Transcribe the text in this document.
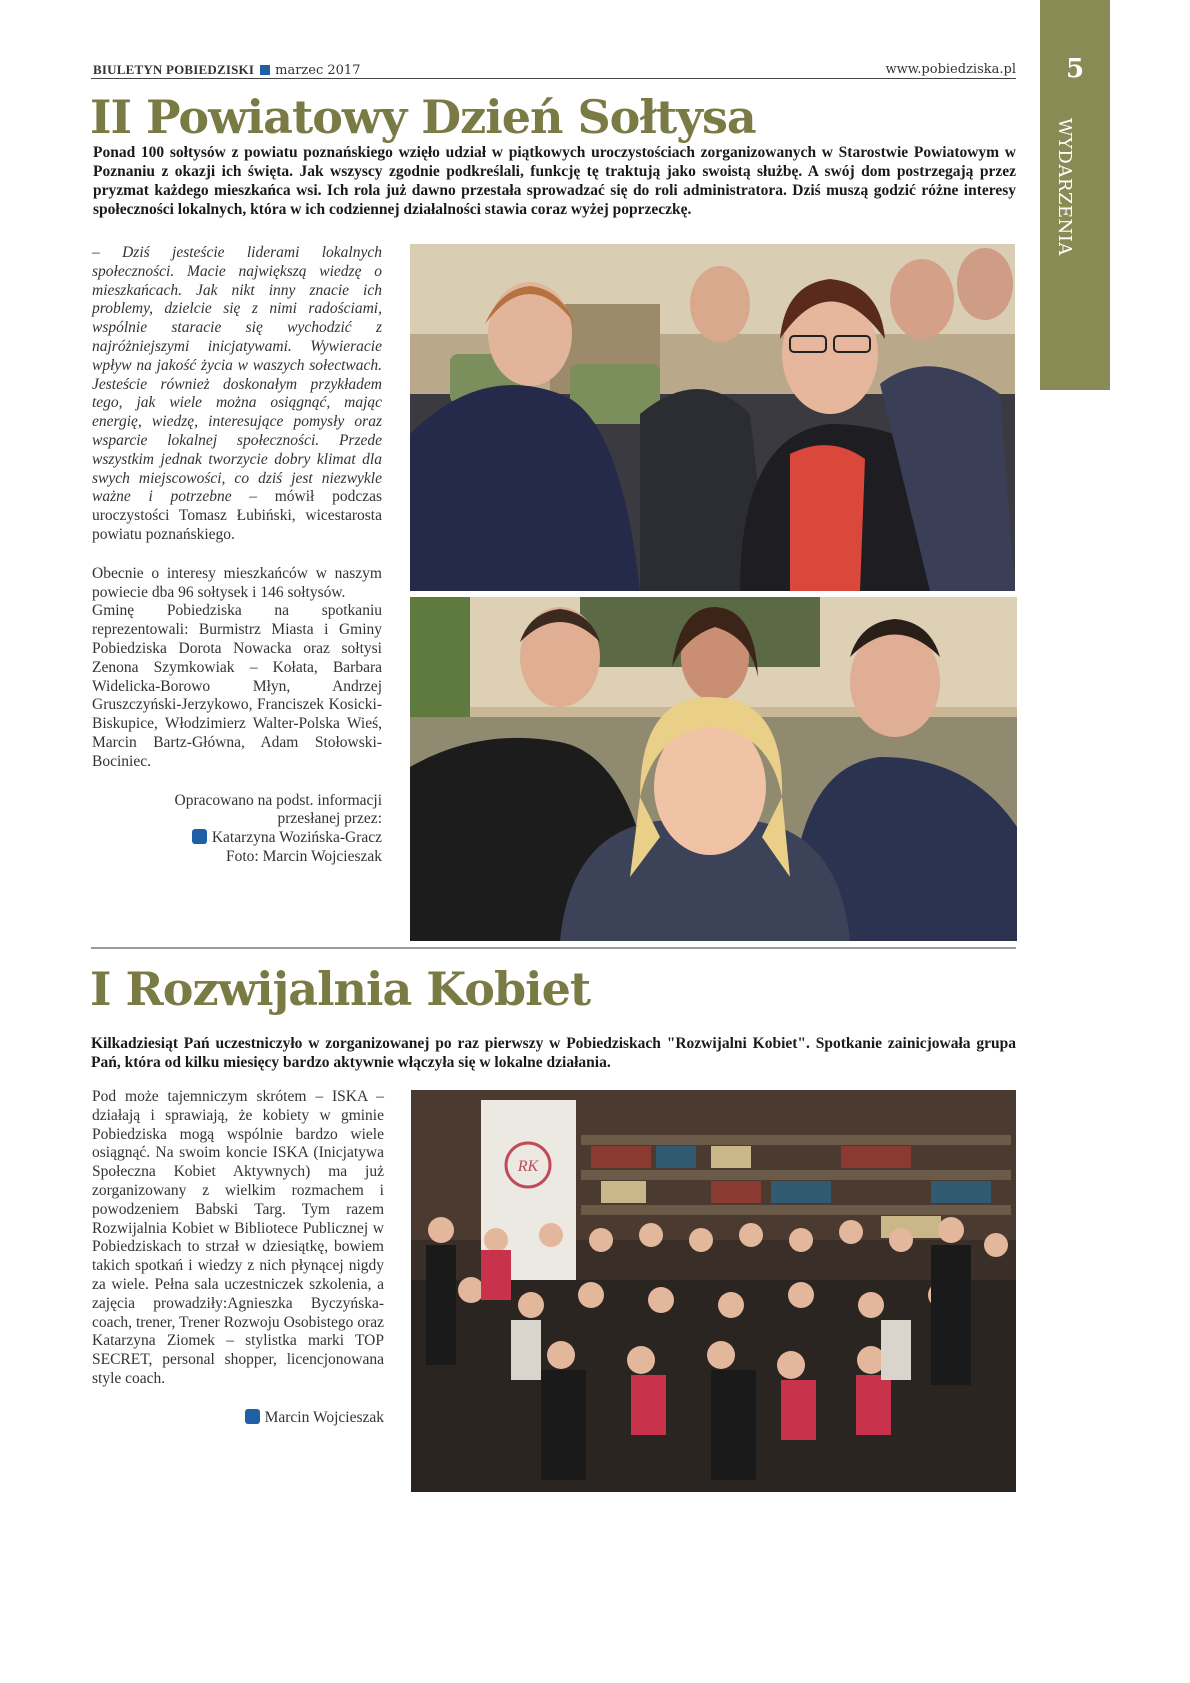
BIULETYN POBIEDZISKI marzec 2017	www.pobiedziska.pl	5
WYDARZENIA
II Powiatowy Dzień Sołtysa
Ponad 100 sołtysów z powiatu poznańskiego wzięło udział w piątkowych uroczystościach zorganizowanych w Starostwie Powiatowym w Poznaniu z okazji ich święta. Jak wszyscy zgodnie podkreślali, funkcję tę traktują jako swoistą służbę. A swój dom postrzegają przez pryzmat każdego mieszkańca wsi. Ich rola już dawno przestała sprowadzać się do roli administratora. Dziś muszą godzić różne interesy społeczności lokalnych, która w ich codziennej działalności stawia coraz wyżej poprzeczkę.

– Dziś jesteście liderami lokalnych społeczności. Macie największą wiedzę o mieszkańcach. Jak nikt inny znacie ich problemy, dzielcie się z nimi radościami, wspólnie staracie się wychodzić z najróżniejszymi inicjatywami. Wywieracie wpływ na jakość życia w waszych sołectwach. Jesteście również doskonałym przykładem tego, jak wiele można osiągnąć, mając energię, wiedzę, interesujące pomysły oraz wsparcie lokalnej społeczności. Przede wszystkim jednak tworzycie dobry klimat dla swych miejscowości, co dziś jest niezwykle ważne i potrzebne – mówił podczas uroczystości Tomasz Łubiński, wicestarosta powiatu poznańskiego.

Obecnie o interesy mieszkańców w naszym powiecie dba 96 sołtysek i 146 sołtysów.

Gminę Pobiedziska na spotkaniu reprezentowali: Burmistrz Miasta i Gminy Pobiedziska Dorota Nowacka oraz sołtysi Zenona Szymkowiak – Kołata, Barbara Widelicka-Borowo Młyn, Andrzej Gruszczyński-Jerzykowo, Franciszek Kosicki-Biskupice, Włodzimierz Walter-Polska Wieś, Marcin Bartz-Główna, Adam Stołowski-Bociniec.

Opracowano na podst. informacji
przesłanej przez:
Katarzyna Wozińska-Gracz
Foto: Marcin Wojcieszak
I Rozwijalnia Kobiet
Kilkadziesiąt Pań uczestniczyło w zorganizowanej po raz pierwszy w Pobiedziskach "Rozwijalni Kobiet". Spotkanie zainicjowała grupa Pań, która od kilku miesięcy bardzo aktywnie włączyła się w lokalne działania.

Pod może tajemniczym skrótem – ISKA – działają i sprawiają, że kobiety w gminie Pobiedziska mogą wspólnie bardzo wiele osiągnąć. Na swoim koncie ISKA (Inicjatywa Społeczna Kobiet Aktywnych) ma już zorganizowany z wielkim rozmachem i powodzeniem Babski Targ. Tym razem Rozwijalnia Kobiet w Bibliotece Publicznej w Pobiedziskach to strzał w dziesiątkę, bowiem takich spotkań i wiedzy z nich płynącej nigdy za wiele. Pełna sala uczestniczek szkolenia, a zajęcia prowadziły:Agnieszka Byczyńska-coach, trener, Trener Rozwoju Osobistego oraz Katarzyna Ziomek – stylistka marki TOP SECRET, personal shopper, licencjonowana style coach.

Marcin Wojcieszak
RK
